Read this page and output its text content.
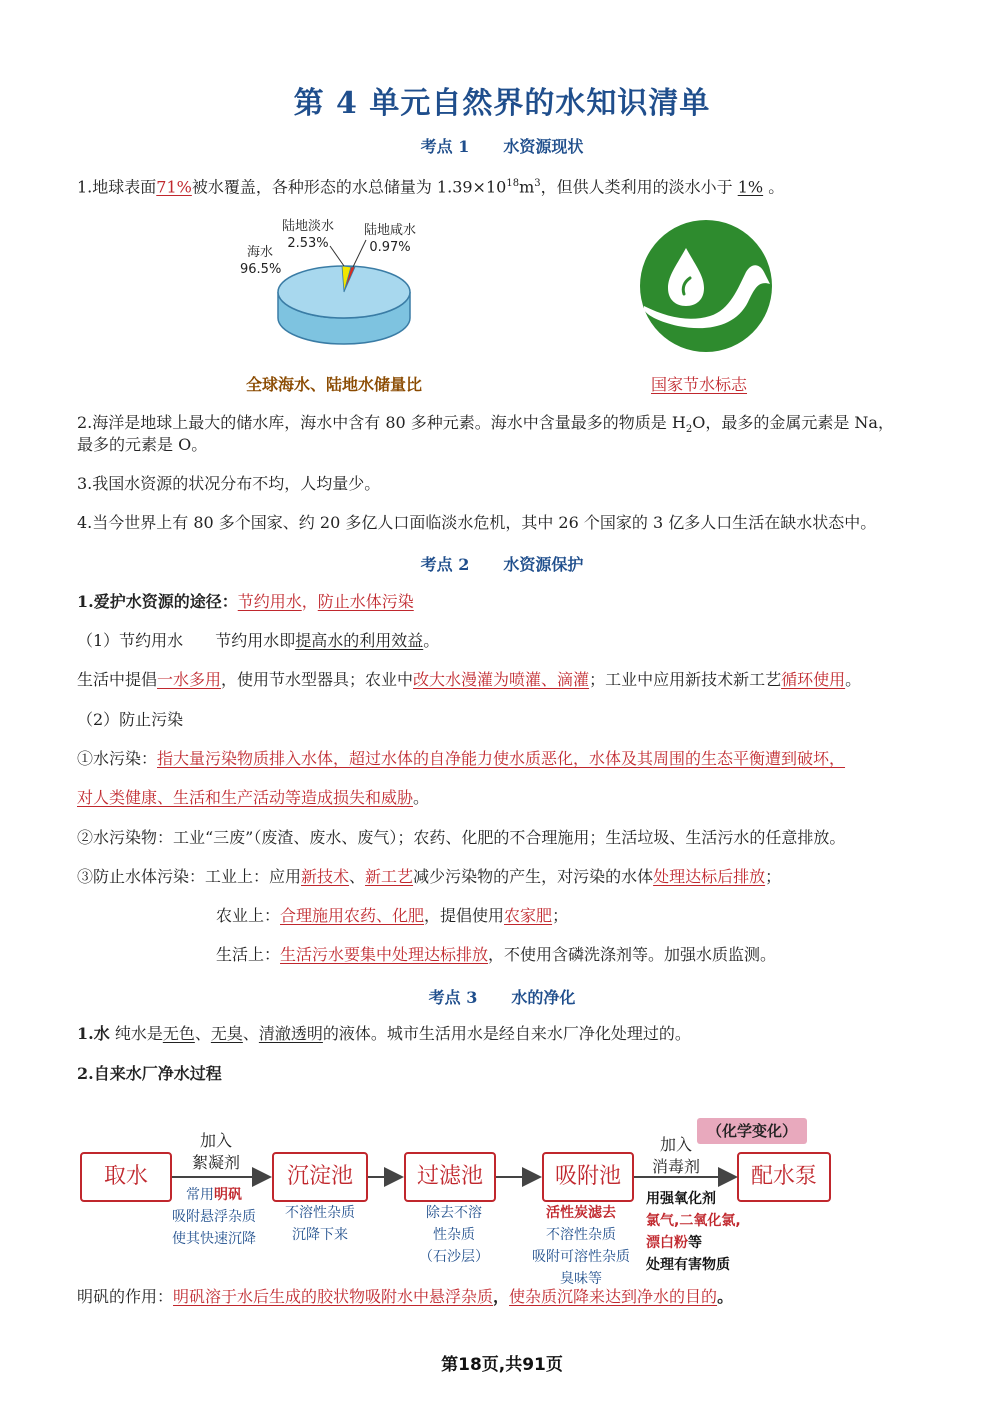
第 4 单元自然界的水知识清单
考点 1 水资源现状
1.地球表面71%被水覆盖，各种形态的水总储量为 $1.39\times 10^{18}m^3$，但供人类利用的淡水小于 1% 。
海水
96.5%
陆地淡水
2.53%
陆地咸水
0.97%
全球海水、陆地水储量比	国家节水标志
2.海洋是地球上最大的储水库，海水中含有 80 多种元素。海水中含量最多的物质是 $H_2O$，最多的金属元素是 Na，
最多的元素是 O。
3.我国水资源的状况分布不均，人均量少。
4.当今世界上有 80 多个国家、约 20 多亿人口面临淡水危机，其中 26 个国家的 3 亿多人口生活在缺水状态中。
考点 2 水资源保护
1.爱护水资源的途径：节约用水，防止水体污染
（1）节约用水 节约用水即提高水的利用效益。
生活中提倡一水多用，使用节水型器具；农业中改大水漫灌为喷灌、滴灌；工业中应用新技术新工艺循环使用。
（2）防止污染
①水污染：指大量污染物质排入水体，超过水体的自净能力使水质恶化，水体及其周围的生态平衡遭到破坏，
对人类健康、生活和生产活动等造成损失和威胁。
②水污染物：工业“三废”（废渣、废水、废气）；农药、化肥的不合理施用；生活垃圾、生活污水的任意排放。
③防止水体污染：工业上：应用新技术、新工艺减少污染物的产生，对污染的水体处理达标后排放；
农业上：合理施用农药、化肥，提倡使用农家肥；
生活上：生活污水要集中处理达标排放，不使用含磷洗涤剂等。加强水质监测。
考点 3 水的净化
1.水 纯水是无色、无臭、清澈透明的液体。城市生活用水是经自来水厂净化处理过的。
2.自来水厂净水过程
（化学变化）
取水	沉淀池	过滤池	吸附池	配水泵
加入
絮凝剂
加入
消毒剂
常用明矾
吸附悬浮杂质
使其快速沉降
不溶性杂质
沉降下来
除去不溶
性杂质
（石沙层）
活性炭滤去
不溶性杂质
吸附可溶性杂质
臭味等
用强氧化剂
氯气,二氧化氯,
漂白粉等
处理有害物质
明矾的作用：明矾溶于水后生成的胶状物吸附水中悬浮杂质，使杂质沉降来达到净水的目的。
第18页,共91页
